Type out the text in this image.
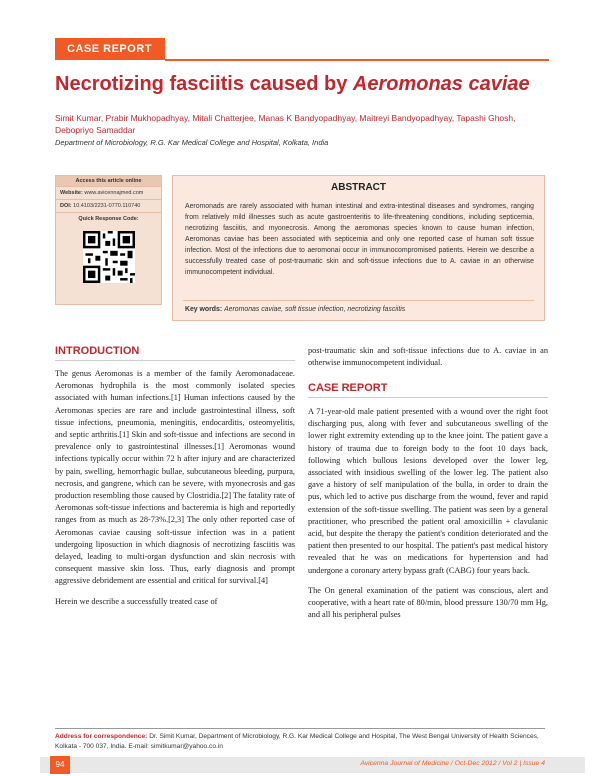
CASE REPORT
Necrotizing fasciitis caused by Aeromonas caviae
Simit Kumar, Prabir Mukhopadhyay, Mitali Chatterjee, Manas K Bandyopadhyay, Maitreyi Bandyopadhyay, Tapashi Ghosh, Debopriyo Samaddar
Department of Microbiology, R.G. Kar Medical College and Hospital, Kolkata, India
Access this article online
Website: www.avicennajmed.com
DOI: 10.4103/2231-0770.110740
Quick Response Code:
ABSTRACT
Aeromonads are rarely associated with human intestinal and extra-intestinal diseases and syndromes, ranging from relatively mild illnesses such as acute gastroenteritis to life-threatening conditions, including septicemia, necrotizing fasciitis, and myonecrosis. Among the aeromonas species known to cause human infection, Aeromonas caviae has been associated with septicemia and only one reported case of human soft tissue infection. Most of the infections due to aeromonai occur in immunocompromised patients. Herein we describe a successfully treated case of post-traumatic skin and soft-tissue infections due to A. caviae in an otherwise immunocompetent individual.
Key words: Aeromonas caviae, soft tissue infection, necrotizing fasciitis
INTRODUCTION

The genus Aeromonas is a member of the family Aeromonadaceae. Aeromonas hydrophila is the most commonly isolated species associated with human infections.[1] Human infections caused by the Aeromonas species are rare and include gastrointestinal illness, soft tissue infections, pneumonia, meningitis, endocarditis, osteomyelitis, and septic arthritis.[1] Skin and soft-tissue and infections are second in prevalence only to gastrointestinal illnesses.[1] Aeromonas wound infections typically occur within 72 h after injury and are characterized by pain, swelling, hemorrhagic bullae, subcutaneous bleeding, purpura, necrosis, and gangrene, which can be severe, with myonecrosis and gas production resembling those caused by Clostridia.[2] The fatality rate of Aeromonas soft-tissue infections and bacteremia is high and reportedly ranges from as much as 28-73%.[2,3] The only other reported case of Aeromonas caviae causing soft-tissue infection was in a patient undergoing liposuction in which diagnosis of necrotizing fasciitis was delayed, leading to multi-organ dysfunction and skin necrosis with consequent massive skin loss. Thus, early diagnosis and prompt aggressive debridement are essential and critical for survival.[4]

Herein we describe a successfully treated case of

post-traumatic skin and soft-tissue infections due to A. caviae in an otherwise immunocompetent individual.

CASE REPORT

A 71-year-old male patient presented with a wound over the right foot discharging pus, along with fever and subcutaneous swelling of the lower right extremity extending up to the knee joint. The patient gave a history of trauma due to foreign body to the foot 10 days back, following which bullous lesions developed over the lower leg, associated with insidious swelling of the lower leg. The patient also gave a history of self manipulation of the bulla, in order to drain the pus, which led to active pus discharge from the wound, fever and rapid extension of the soft-tissue swelling. The patient was seen by a general practitioner, who prescribed the patient oral amoxicillin + clavulanic acid, but despite the therapy the patient's condition deteriorated and the patient then presented to our hospital. The patient's past medical history revealed that he was on medications for hypertension and had undergone a coronary artery bypass graft (CABG) four years back.

The On general examination of the patient was conscious, alert and cooperative, with a heart rate of 80/min, blood pressure 130/70 mm Hg, and all his peripheral pulses

Address for correspondence: Dr. Simit Kumar, Department of Microbiology, R.G. Kar Medical College and Hospital, The West Bengal University of Health Sciences, Kolkata - 700 037, India. E-mail: simitkumar@yahoo.co.in
94	Avicenna Journal of Medicine / Oct-Dec 2012 / Vol 2 | Issue 4
